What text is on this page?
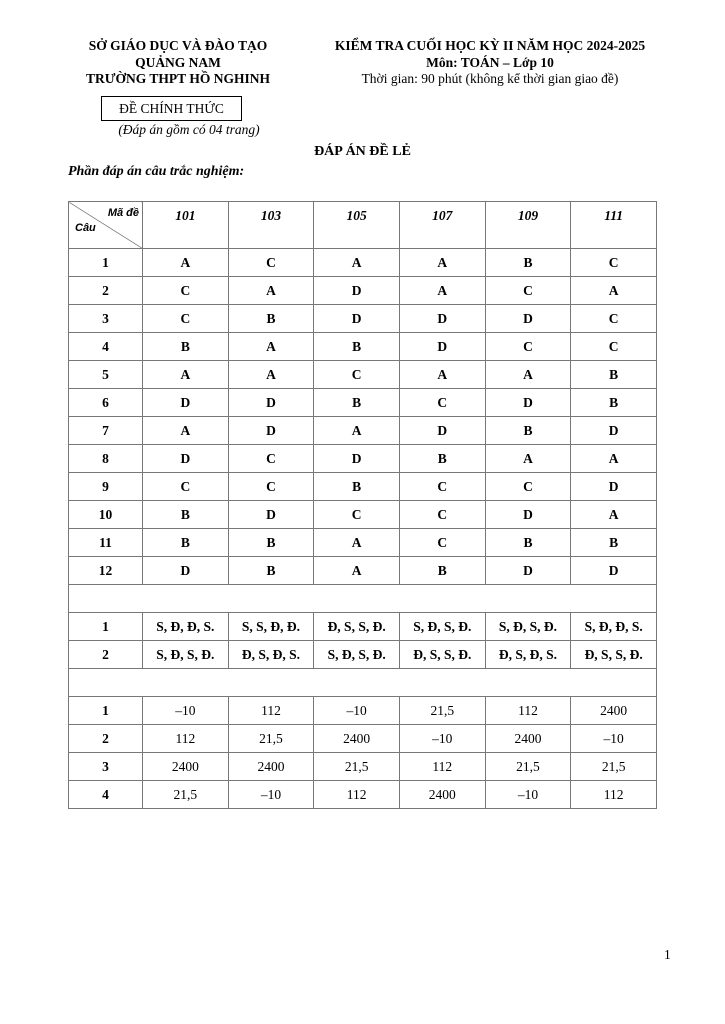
SỞ GIÁO DỤC VÀ ĐÀO TẠO
QUẢNG NAM
TRƯỜNG THPT HỒ NGHINH
KIỂM TRA CUỐI HỌC KỲ II NĂM HỌC 2024-2025
Môn: TOÁN – Lớp 10
Thời gian: 90 phút (không kể thời gian giao đề)
ĐỀ CHÍNH THỨC
(Đáp án gồm có 04 trang)
ĐÁP ÁN ĐỀ LẺ
Phần đáp án câu trắc nghiệm:
Mã đề
Câu	101	103	105	107	109	111
1	A	C	A	A	B	C
2	C	A	D	A	C	A
3	C	B	D	D	D	C
4	B	A	B	D	C	C
5	A	A	C	A	A	B
6	D	D	B	C	D	B
7	A	D	A	D	B	D
8	D	C	D	B	A	A
9	C	C	B	C	C	D
10	B	D	C	C	D	A
11	B	B	A	C	B	B
12	D	B	A	B	D	D

1	S, Đ, Đ, S.	S, S, Đ, Đ.	Đ, S, S, Đ.	S, Đ, S, Đ.	S, Đ, S, Đ.	S, Đ, Đ, S.
2	S, Đ, S, Đ.	Đ, S, Đ, S.	S, Đ, S, Đ.	Đ, S, S, Đ.	Đ, S, Đ, S.	Đ, S, S, Đ.

1	–10	112	–10	21,5	112	2400
2	112	21,5	2400	–10	2400	–10
3	2400	2400	21,5	112	21,5	21,5
4	21,5	–10	112	2400	–10	112
1
